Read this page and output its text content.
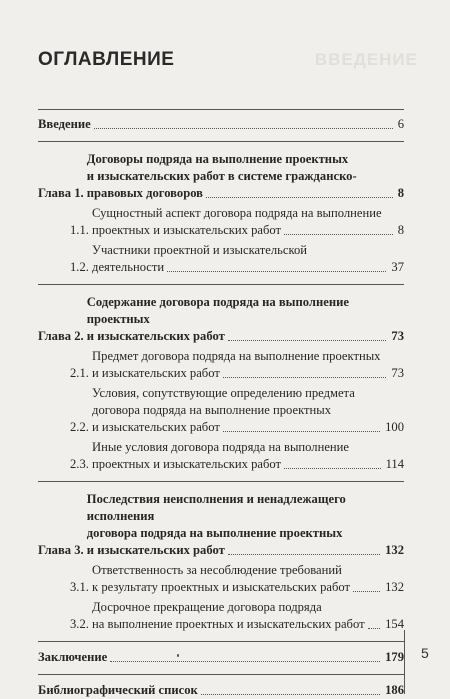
ВВЕДЕНИЕ
ОГЛАВЛЕНИЕ
Введение	6
Глава 1.
Договоры подряда на выполнение проектных
и изыскательских работ в системе гражданско-
правовых договоров	8
1.1.
Сущностный аспект договора подряда на выполнение
проектных и изыскательских работ	8
1.2.
Участники проектной и изыскательской
деятельности	37
Глава 2.
Содержание договора подряда на выполнение проектных
и изыскательских работ	73
2.1.
Предмет договора подряда на выполнение проектных
и изыскательских работ	73
2.2.
Условия, сопутствующие определению предмета
договора подряда на выполнение проектных
и изыскательских работ	100
2.3.
Иные условия договора подряда на выполнение
проектных и изыскательских работ	114
Глава 3.
Последствия неисполнения и ненадлежащего исполнения
договора подряда на выполнение проектных
и изыскательских работ	132
3.1.
Ответственность за несоблюдение требований
к результату проектных и изыскательских работ	132
3.2.
Досрочное прекращение договора подряда
на выполнение проектных и изыскательских работ 154
Заключение	179
Библиографический список	186
5
